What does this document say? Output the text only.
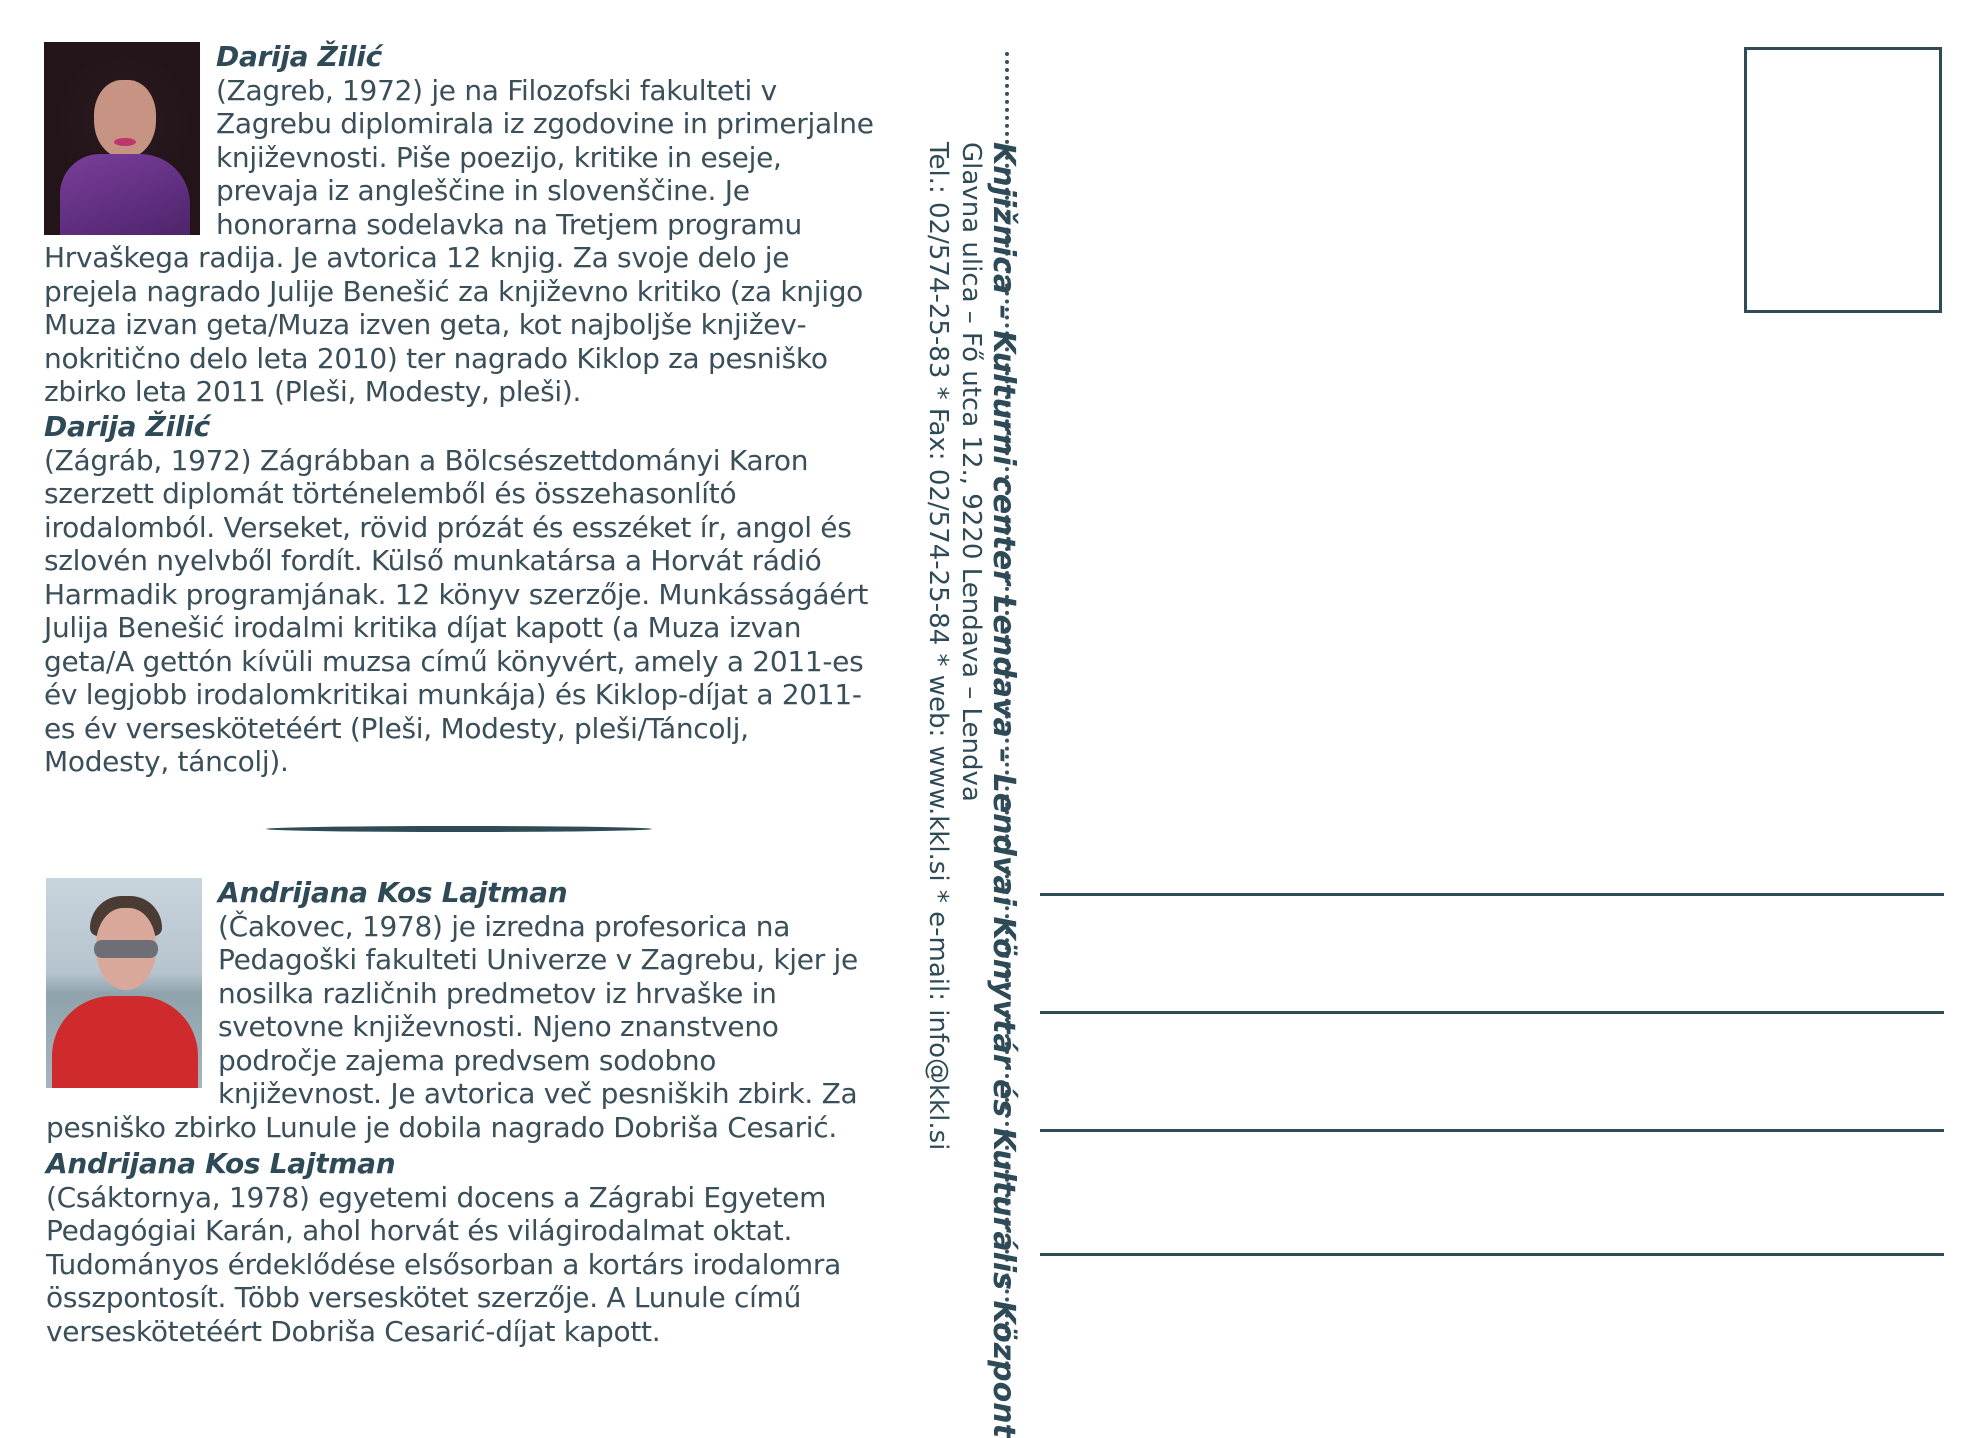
Darija Žilić
(Zagreb, 1972) je na Filozofski fakulteti v Zagrebu diplomirala iz zgodovine in primerjalne književnosti. Piše poezijo, kritike in eseje, prevaja iz angleščine in slovenščine. Je honorarna sodelavka na Tretjem programu Hrvaškega radija. Je avtorica 12 knjig. Za svoje delo je prejela nagrado Julije Benešić za književno kritiko (za knjigo Muza izvan geta/Muza izven geta, kot najboljše književnokritično delo leta 2010) ter nagrado Kiklop za pesniško zbirko leta 2011 (Pleši, Modesty, pleši).
Darija Žilić
(Zágráb, 1972) Zágrábban a Bölcsészettdományi Karon szerzett diplomát történelemből és összehasonlító irodalomból. Verseket, rövid prózát és esszéket ír, angol és szlovén nyelvből fordít. Külső munkatársa a Horvát rádió Harmadik programjának. 12 könyv szerzője. Munkásságáért Julija Benešić irodalmi kritika díjat kapott (a Muza izvan geta/A gettón kívüli muzsa című könyvért, amely a 2011-es év legjobb irodalomkritikai munkája) és Kiklop-díjat a 2011-es év verseskötetéért (Pleši, Modesty, pleši/Táncolj, Modesty, táncolj).
Andrijana Kos Lajtman
(Čakovec, 1978) je izredna profesorica na Pedagoški fakulteti Univerze v Zagrebu, kjer je nosilka različnih predmetov iz hrvaške in svetovne književnosti. Njeno znanstveno področje zajema predvsem sodobno književnost. Je avtorica več pesniških zbirk. Za pesniško zbirko Lunule je dobila nagrado Dobriša Cesarić.
Andrijana Kos Lajtman
(Csáktornya, 1978) egyetemi docens a Zágrabi Egyetem Pedagógiai Karán, ahol horvát és világirodalmat oktat. Tudományos érdeklődése elsősorban a kortárs irodalomra összpontosít. Több verseskötet szerzője. A Lunule című verseskötetéért Dobriša Cesarić-díjat kapott.	Knjižnica – Kulturni center Lendava – Lendvai Könyvtár és Kulturális Központ
Glavna ulica – Fő utca 12., 9220 Lendava – Lendva
Tel.: 02/574-25-83 * Fax: 02/574-25-84 * web: www.kkl.si * e-mail: info@kkl.si
